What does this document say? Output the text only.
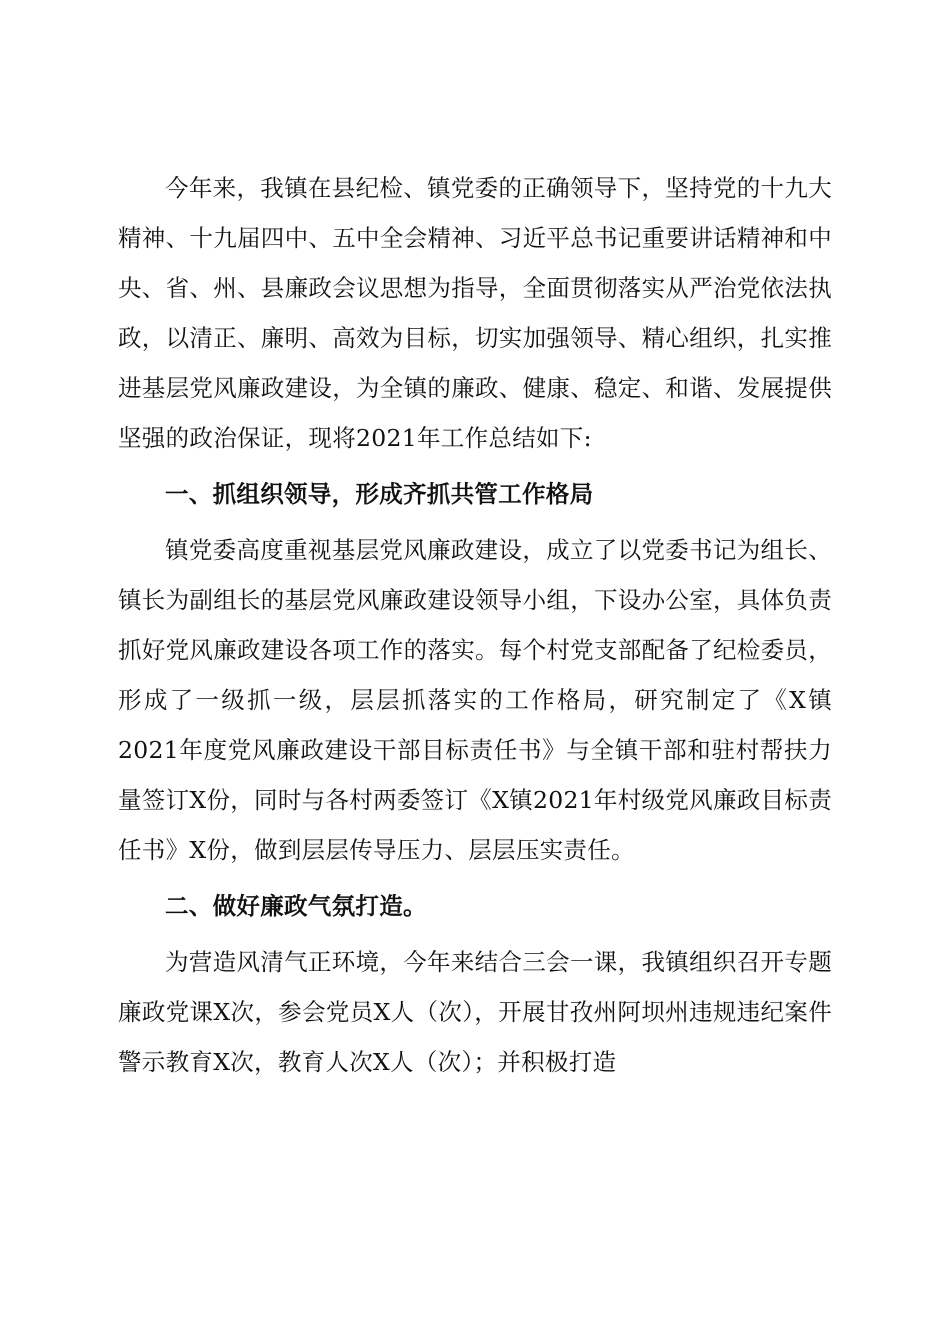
今年来，我镇在县纪检、镇党委的正确领导下，坚持党的十九大精神、十九届四中、五中全会精神、习近平总书记重要讲话精神和中央、省、州、县廉政会议思想为指导，全面贯彻落实从严治党依法执政，以清正、廉明、高效为目标，切实加强领导、精心组织，扎实推进基层党风廉政建设，为全镇的廉政、健康、稳定、和谐、发展提供坚强的政治保证，现将2021年工作总结如下:

一、抓组织领导，形成齐抓共管工作格局

镇党委高度重视基层党风廉政建设，成立了以党委书记为组长、镇长为副组长的基层党风廉政建设领导小组，下设办公室，具体负责抓好党风廉政建设各项工作的落实。每个村党支部配备了纪检委员，形成了一级抓一级，层层抓落实的工作格局，研究制定了《X镇2021年度党风廉政建设干部目标责任书》与全镇干部和驻村帮扶力量签订X份，同时与各村两委签订《X镇2021年村级党风廉政目标责任书》X份，做到层层传导压力、层层压实责任。

二、做好廉政气氛打造。

为营造风清气正环境，今年来结合三会一课，我镇组织召开专题廉政党课X次，参会党员X人（次），开展甘孜州阿坝州违规违纪案件警示教育X次，教育人次X人（次）；并积极打造
